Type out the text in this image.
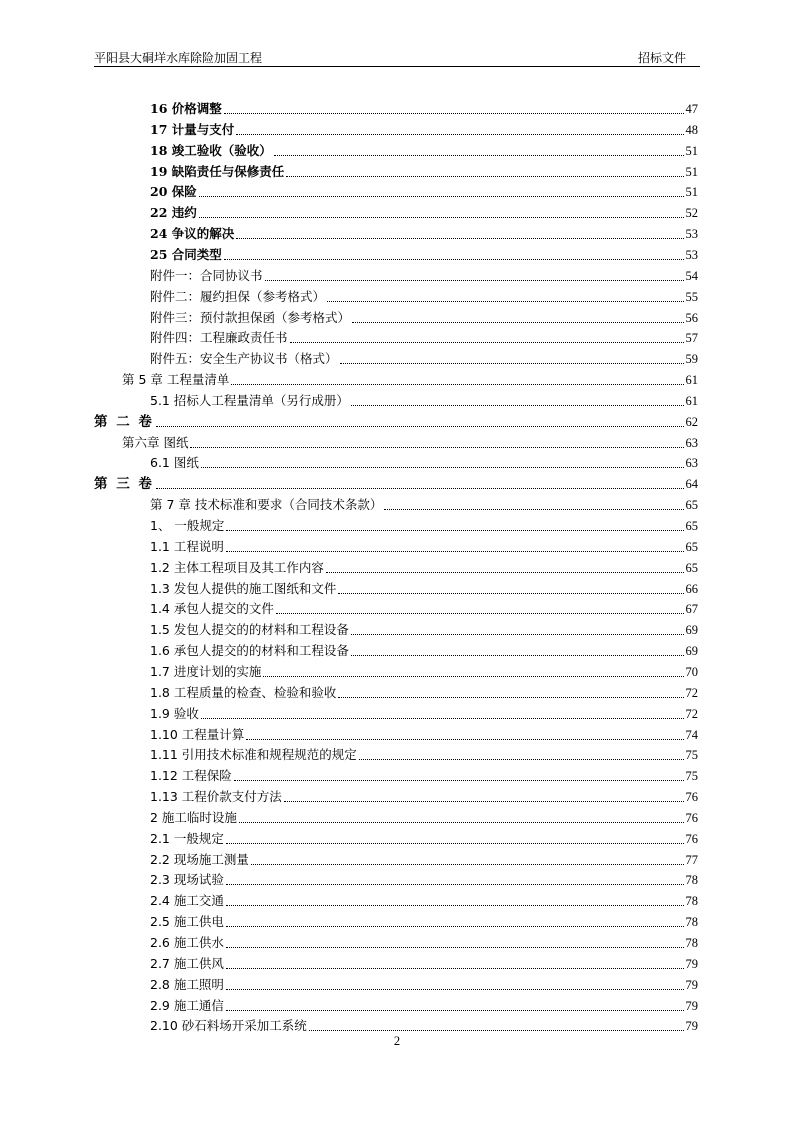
平阳县大硐垟水库除险加固工程	招标文件
16 价格调整	47
17 计量与支付	48
18 竣工验收（验收）	51
19 缺陷责任与保修责任	51
20 保险	51
22 违约	52
24 争议的解决	53
25 合同类型	53
附件一：合同协议书	54
附件二：履约担保（参考格式）	55
附件三：预付款担保函（参考格式）	56
附件四：工程廉政责任书	57
附件五：安全生产协议书（格式）	59
第 5 章 工程量清单	61
5.1 招标人工程量清单（另行成册）	61
第 二 卷	62
第六章 图纸	63
6.1 图纸	63
第 三 卷	64
第 7 章 技术标准和要求（合同技术条款）	65
1、 一般规定	65
1.1 工程说明	65
1.2 主体工程项目及其工作内容	65
1.3 发包人提供的施工图纸和文件	66
1.4 承包人提交的文件	67
1.5 发包人提交的的材料和工程设备	69
1.6 承包人提交的的材料和工程设备	69
1.7 进度计划的实施	70
1.8 工程质量的检查、检验和验收	72
1.9 验收	72
1.10 工程量计算	74
1.11 引用技术标准和规程规范的规定	75
1.12 工程保险	75
1.13 工程价款支付方法	76
2 施工临时设施	76
2.1 一般规定	76
2.2 现场施工测量	77
2.3 现场试验	78
2.4 施工交通	78
2.5 施工供电	78
2.6 施工供水	78
2.7 施工供风	79
2.8 施工照明	79
2.9 施工通信	79
2.10 砂石料场开采加工系统	79
2
